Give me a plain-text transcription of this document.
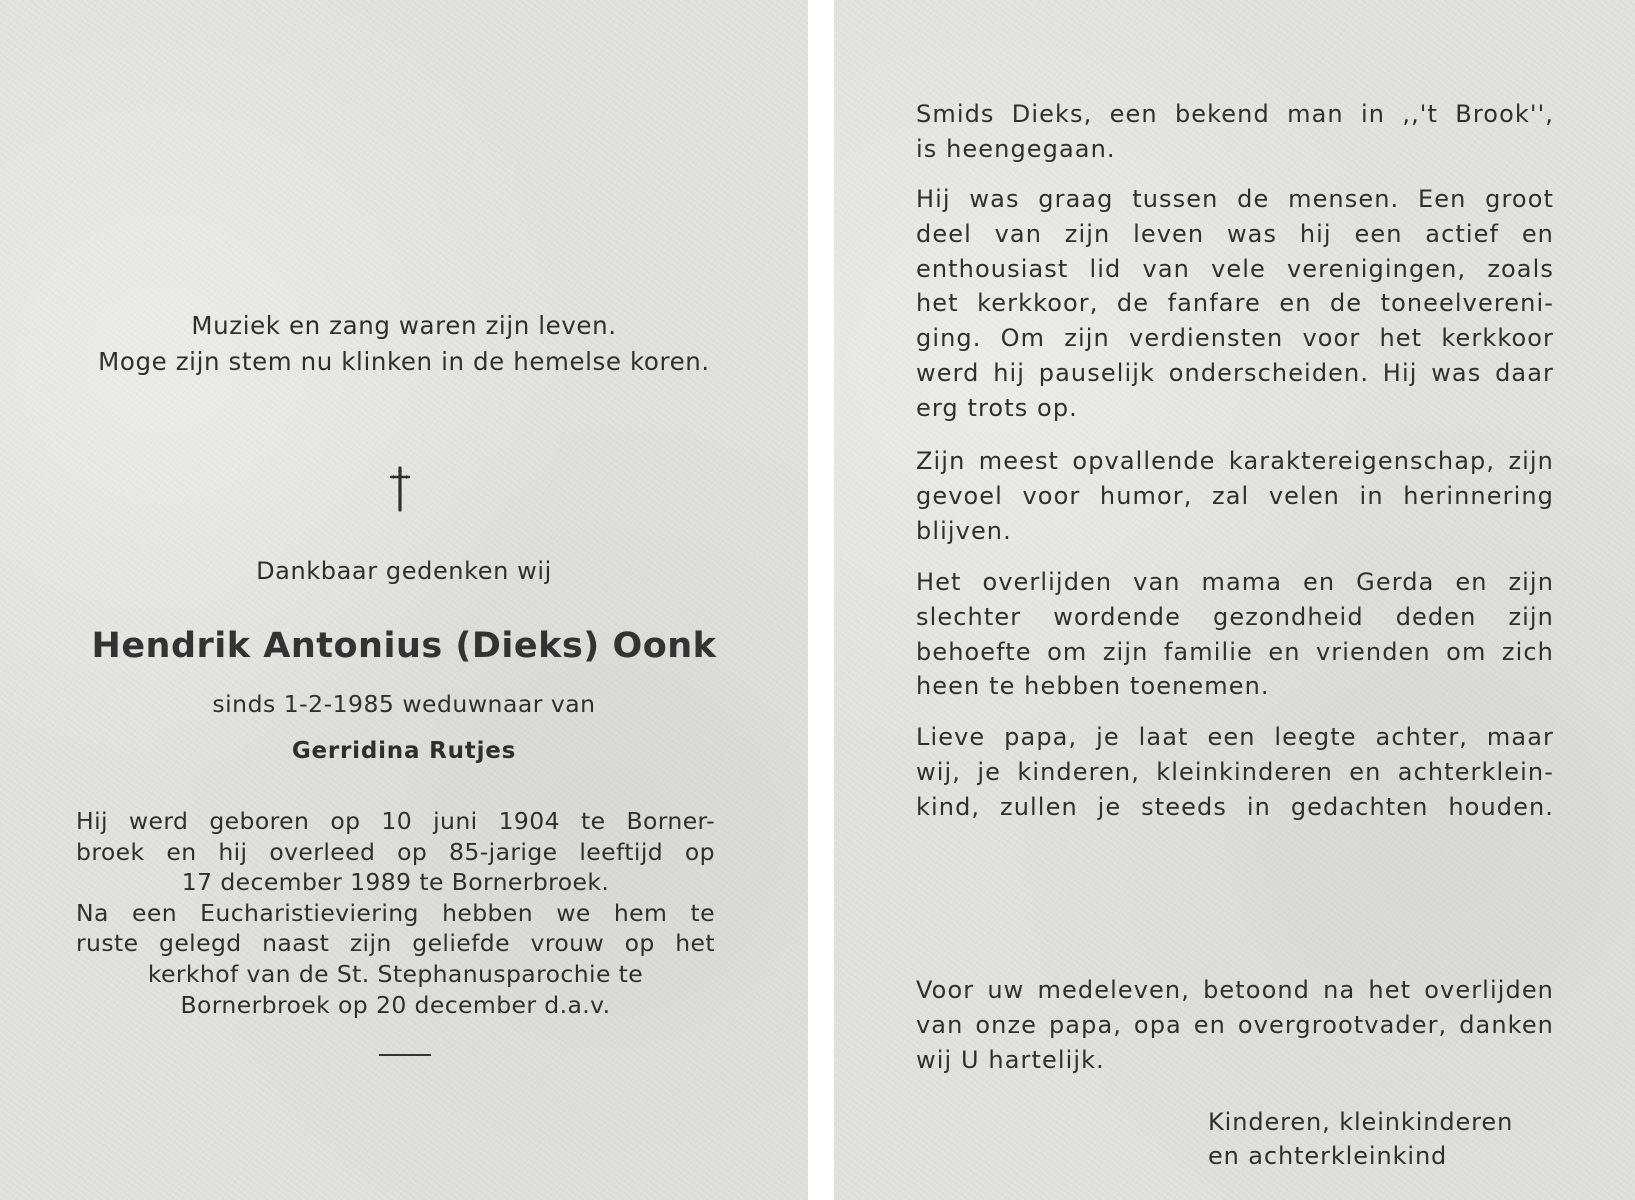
Muziek en zang waren zijn leven.
Moge zijn stem nu klinken in de hemelse koren.
Dankbaar gedenken wij
Hendrik Antonius (Dieks) Oonk
sinds 1-2-1985 weduwnaar van
Gerridina Rutjes
Hij werd geboren op 10 juni 1904 te Borner-
broek en hij overleed op 85-jarige leeftijd op
17 december 1989 te Bornerbroek.
Na een Eucharistieviering hebben we hem te
ruste gelegd naast zijn geliefde vrouw op het
kerkhof van de St. Stephanusparochie te
Bornerbroek op 20 december d.a.v.
Smids Dieks, een bekend man in ,,'t Brook'',
is heengegaan.
Hij was graag tussen de mensen. Een groot
deel van zijn leven was hij een actief en
enthousiast lid van vele verenigingen, zoals
het kerkkoor, de fanfare en de toneelvereni-
ging. Om zijn verdiensten voor het kerkkoor
werd hij pauselijk onderscheiden. Hij was daar
erg trots op.
Zijn meest opvallende karaktereigenschap, zijn
gevoel voor humor, zal velen in herinnering
blijven.
Het overlijden van mama en Gerda en zijn
slechter wordende gezondheid deden zijn
behoefte om zijn familie en vrienden om zich
heen te hebben toenemen.
Lieve papa, je laat een leegte achter, maar
wij, je kinderen, kleinkinderen en achterklein-
kind, zullen je steeds in gedachten houden.
Voor uw medeleven, betoond na het overlijden
van onze papa, opa en overgrootvader, danken
wij U hartelijk.
Kinderen, kleinkinderen
en achterkleinkind
